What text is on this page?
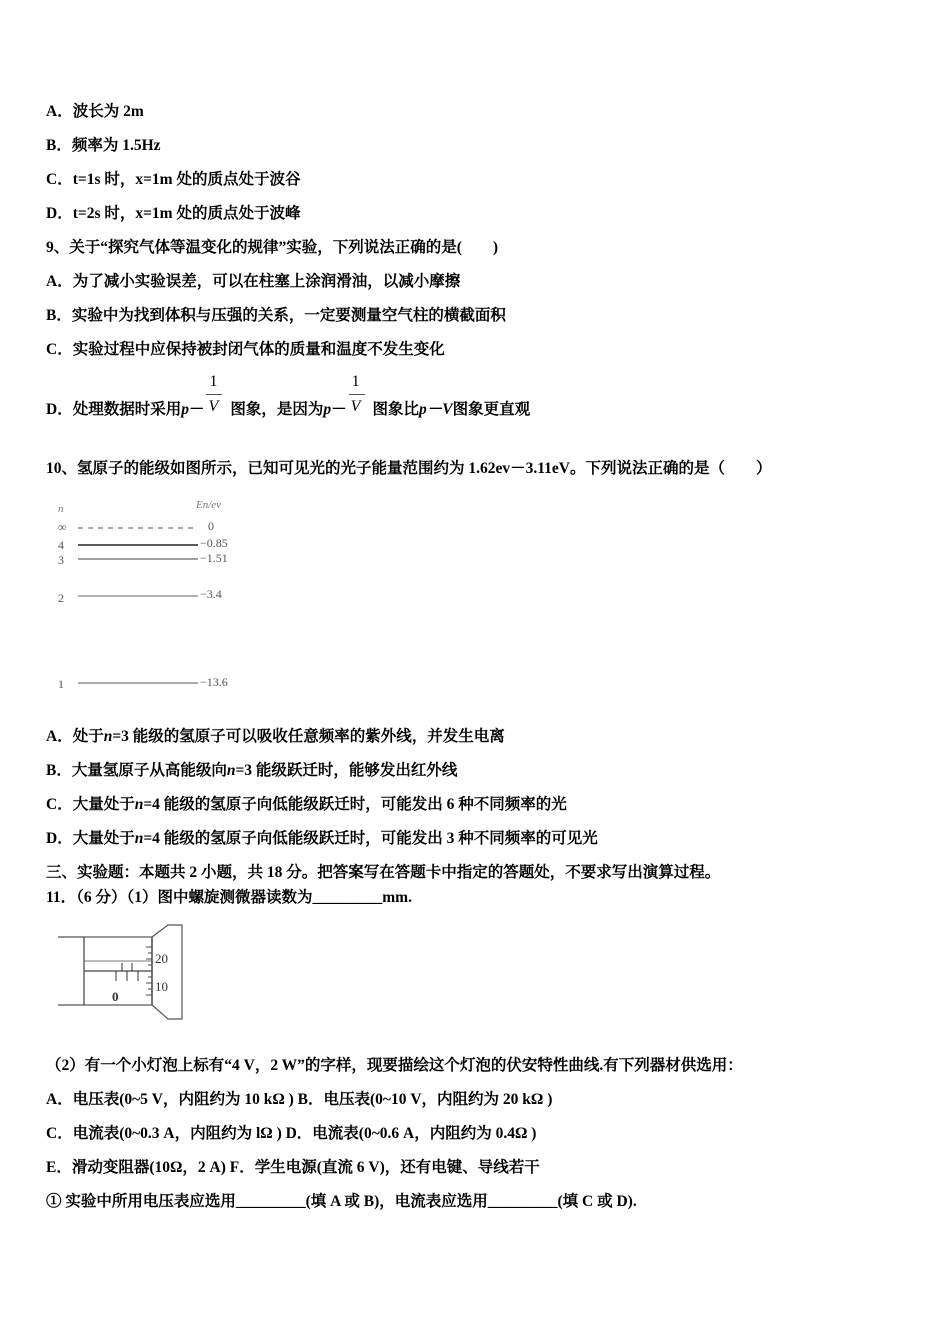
A．波长为 2m
B．频率为 1.5Hz
C．t=1s 时，x=1m 处的质点处于波谷
D．t=2s 时，x=1m 处的质点处于波峰
9、关于“探究气体等温变化的规律”实验，下列说法正确的是(　　)
A．为了减小实验误差，可以在柱塞上涂润滑油，以减小摩擦
B．实验中为找到体积与压强的关系，一定要测量空气柱的横截面积
C．实验过程中应保持被封闭气体的质量和温度不发生变化
D．处理数据时采用$p- \frac{1}{V}$ 图象，是因为$p- \frac{1}{V}$ 图象比p－V图象更直观
10、氢原子的能级如图所示，已知可见光的光子能量范围约为 1.62ev－3.11eV。下列说法正确的是（　　）
n	En/ev
∞	0
4	−0.85
3	−1.51
2	−3.4
1	−13.6
A．处于n=3 能级的氢原子可以吸收任意频率的紫外线，并发生电离
B．大量氢原子从高能级向n=3 能级跃迁时，能够发出红外线
C．大量处于n=4 能级的氢原子向低能级跃迁时，可能发出 6 种不同频率的光
D．大量处于n=4 能级的氢原子向低能级跃迁时，可能发出 3 种不同频率的可见光
三、实验题：本题共 2 小题，共 18 分。把答案写在答题卡中指定的答题处，不要求写出演算过程。
11．（6 分）（1）图中螺旋测微器读数为_________mm.
0
20
10
（2）有一个小灯泡上标有“4 V，2 W”的字样，现要描绘这个灯泡的伏安特性曲线.有下列器材供选用：
A．电压表(0~5 V，内阻约为 10 kΩ ) B．电压表(0~10 V，内阻约为 20 kΩ )
C．电流表(0~0.3 A，内阻约为 lΩ ) D．电流表(0~0.6 A，内阻约为 0.4Ω )
E．滑动变阻器(10Ω，2 A) F．学生电源(直流 6 V)，还有电键、导线若干
① 实验中所用电压表应选用_________(填 A 或 B)，电流表应选用_________(填 C 或 D).
